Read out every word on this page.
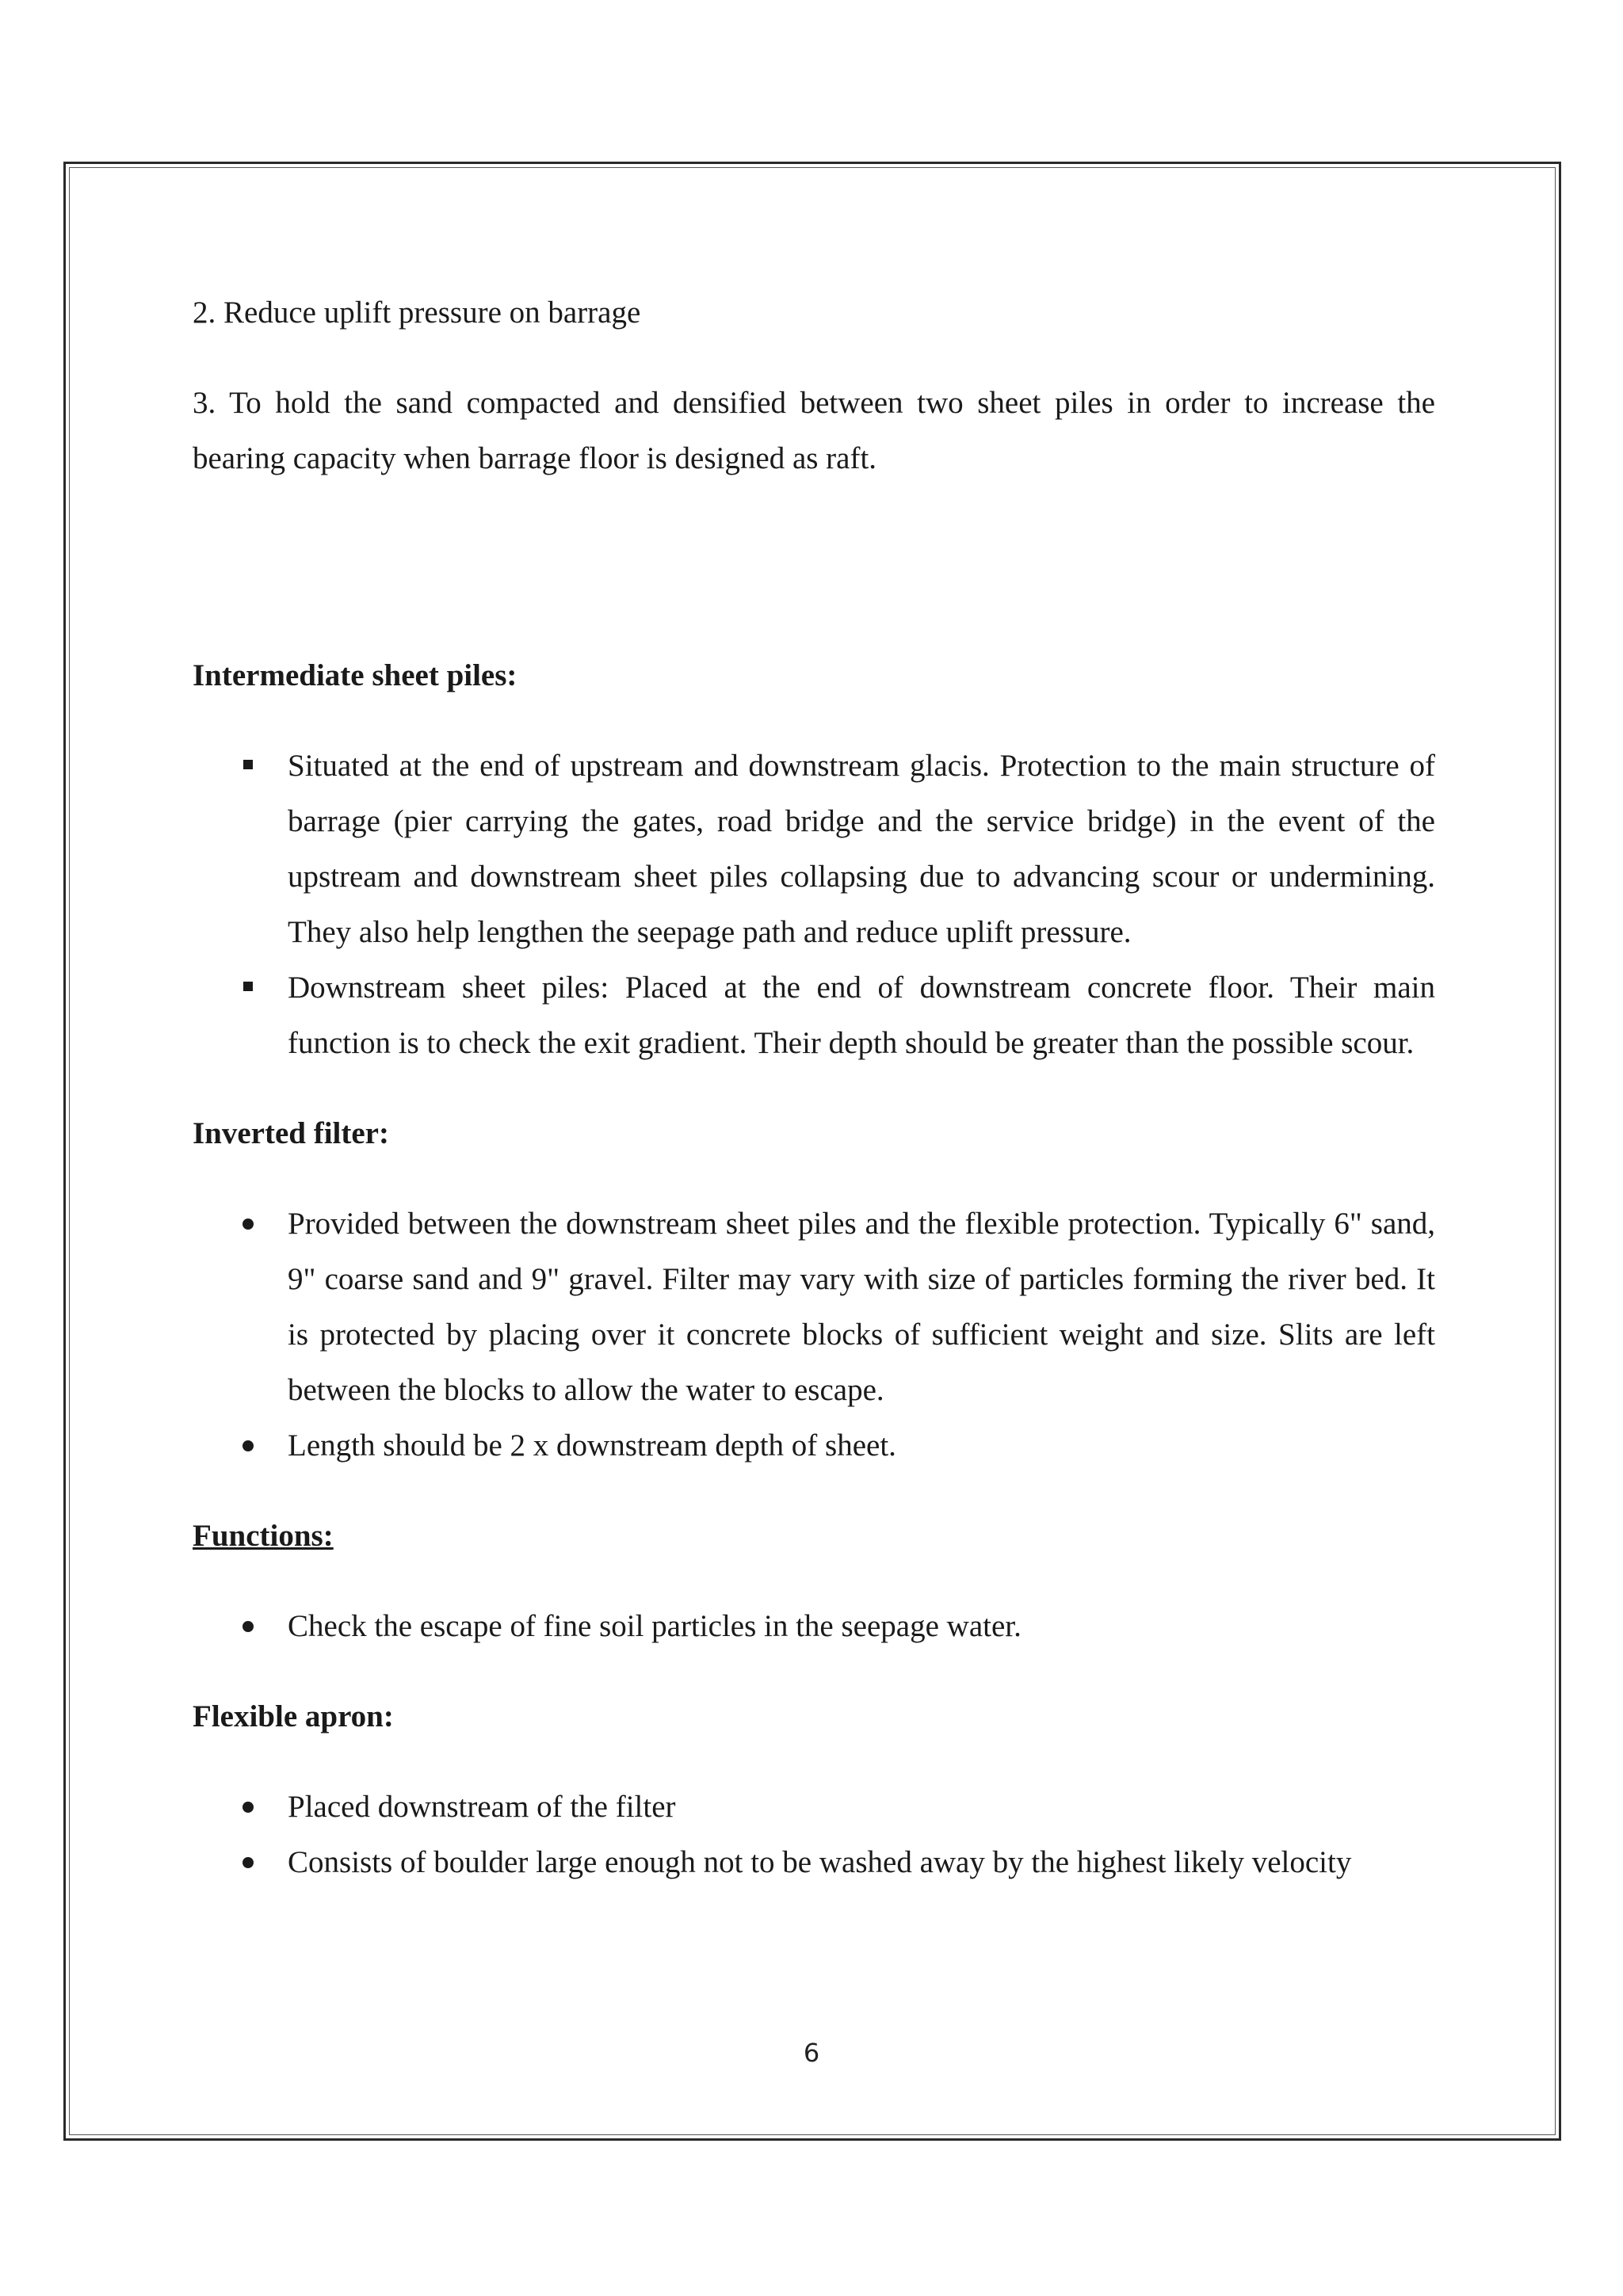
2. Reduce uplift pressure on barrage

3. To hold the sand compacted and densified between two sheet piles in order to increase the bearing capacity when barrage floor is designed as raft.

Intermediate sheet piles:

Situated at the end of upstream and downstream glacis. Protection to the main structure of barrage (pier carrying the gates, road bridge and the service bridge) in the event of the upstream and downstream sheet piles collapsing due to advancing scour or undermining. They also help lengthen the seepage path and reduce uplift pressure.
Downstream sheet piles: Placed at the end of downstream concrete floor. Their main function is to check the exit gradient. Their depth should be greater than the possible scour.

Inverted filter:

Provided between the downstream sheet piles and the flexible protection. Typically 6" sand, 9" coarse sand and 9" gravel. Filter may vary with size of particles forming the river bed. It is protected by placing over it concrete blocks of sufficient weight and size. Slits are left between the blocks to allow the water to escape.
Length should be 2 x downstream depth of sheet.

Functions:

Check the escape of fine soil particles in the seepage water.

Flexible apron:

Placed downstream of the filter
Consists of boulder large enough not to be washed away by the highest likely velocity
6
